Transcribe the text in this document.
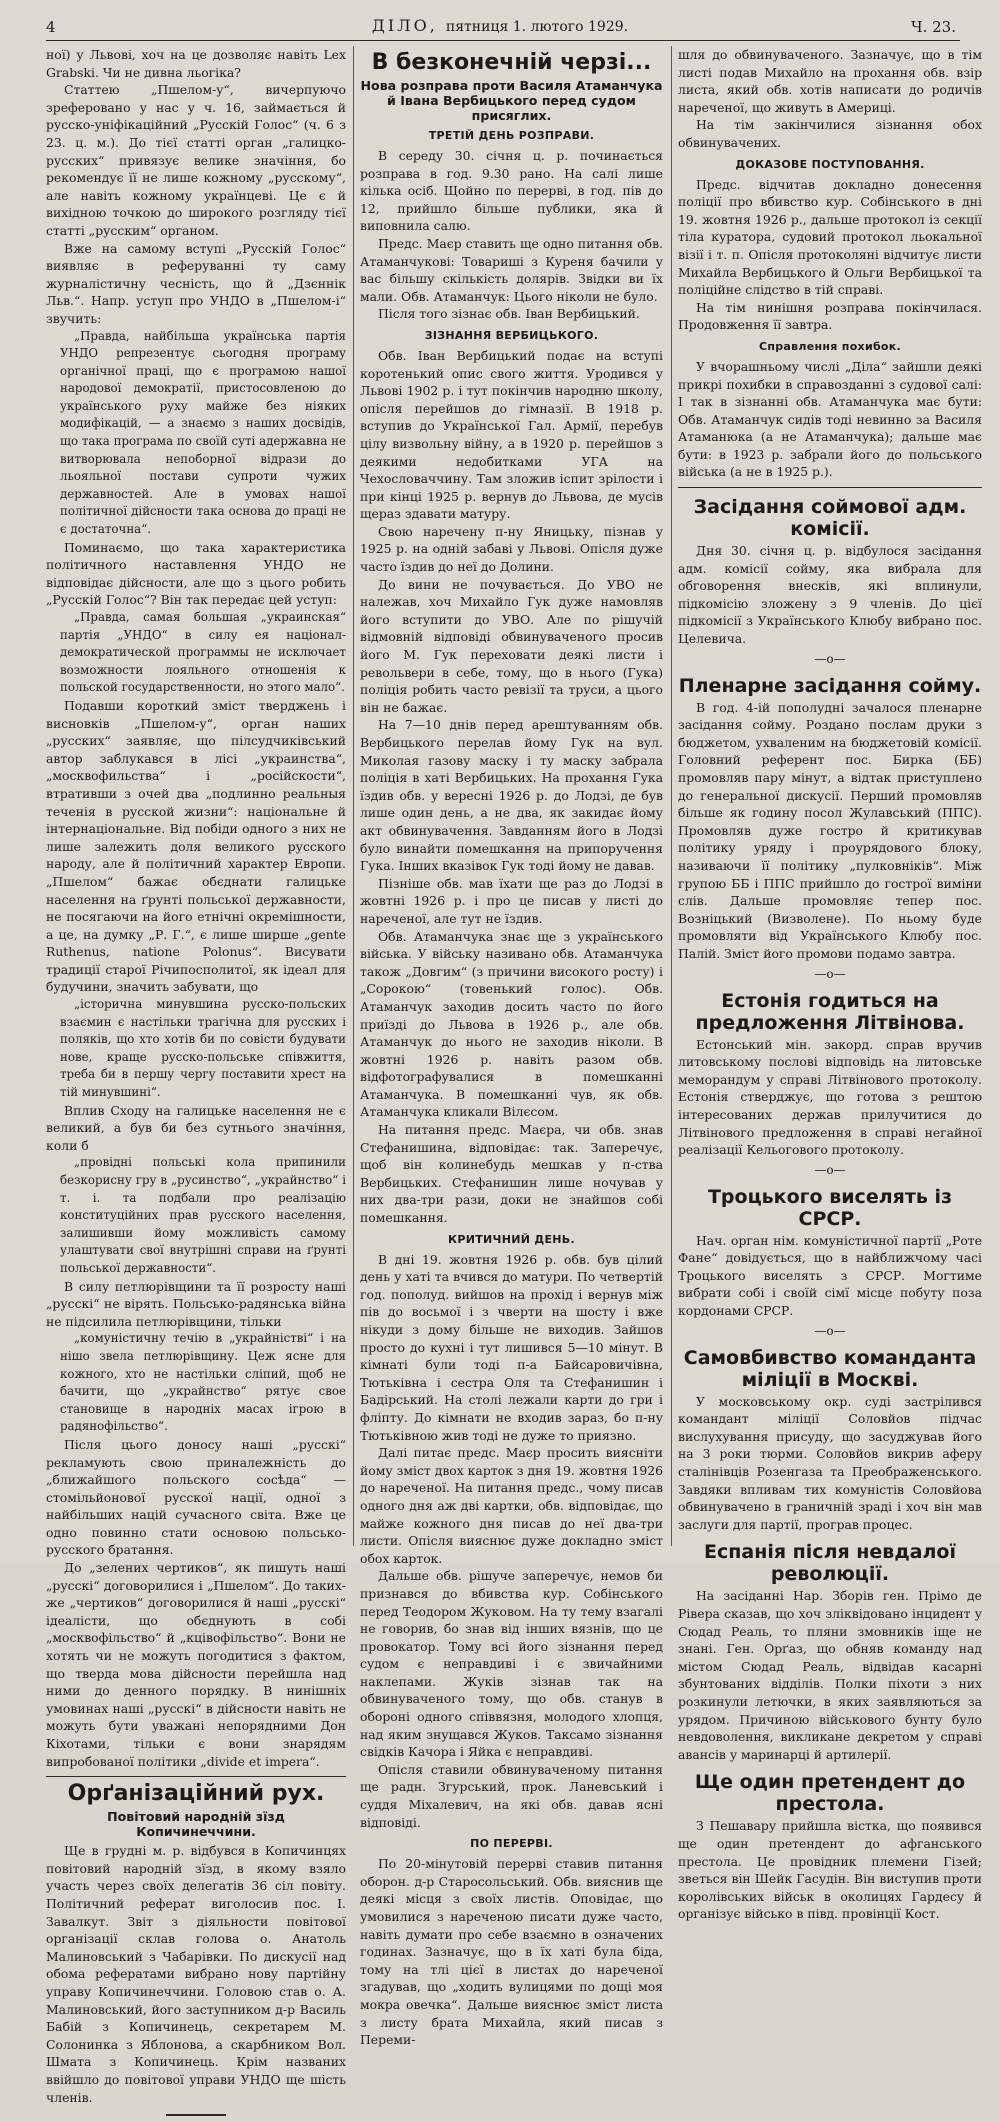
4	ДІЛО, пятниця 1. лютого 1929.	Ч. 23.

ної) у Львові, хоч на це дозволяє навіть Lex Grabski. Чи не дивна льогіка?

Статтею „Пшелом-у“, вичерпуючо зреферовано у нас у ч. 16, займається й русско-уніфікаційний „Русскій Голос“ (ч. 6 з 23. ц. м.). До тієї статті орган „галицко-русских“ привязує велике значіння, бо рекомендує її не лише кожному „русскому“, але навіть кожному українцеві. Це є й вихідною точкою до широкого розгляду тієї статті „русским“ органом.

Вже на самому вступі „Русскій Голос“ виявляє в реферуванні ту саму журналістичну чесність, що й „Дзєннік Льв.“. Напр. уступ про УНДО в „Пшелом-і“ звучить:

„Правда, найбільша українська партія УНДО репрезентує сьогодня програму органічної праці, що є програмою нашої народової демократії, пристосовленою до українського руху майже без ніяких модифікацій, — а знаємо з наших досвідів, що така програма по своїй суті адержавна не витворювала непоборної відрази до льояльної постави супроти чужих державностей. Але в умовах нашої політичної дійсности така основа до праці не є достаточна“.

Поминаємо, що така характеристика політичного наставлення УНДО не відповідає дійсности, але що з цього робить „Русскій Голос“? Він так передає цей уступ:

„Правда, самая большая „украинская“ партія „УНДО“ в силу ея націонал-демократической программы не исключает возможности лояльного отношенія к польской государственности, но этого мало“.

Подавши короткий зміст тверджень і висновків „Пшелом-у“, орган наших „русских“ заявляє, що пілсудчиківський автор заблукався в лісі „украинства“, „москвофильства“ і „російскости“, втративши з очей два „подлинно реальныя теченія в русской жизни“: національне й інтернаціональне. Від побіди одного з них не лише залежить доля великого русского народу, але й політичний характер Европи. „Пшелом“ бажає обєднати галицьке населення на ґрунті польської державности, не посягаючи на його етнічні окремішности, а це, на думку „Р. Г.“, є лише ширше „gente Ruthenus, natione Polonus“. Висувати традиції старої Річипосполитої, як ідеал для будучини, значить забувати, що

„історична минувшина русско-польских взаємин є настільки трагічна для русских і поляків, що хто хотів би по совісти будувати нове, краще русско-польське співжиття, треба би в першу чергу поставити хрест на тій минувшині“.

Вплив Сходу на галицьке населення не є великий, а був би без сутнього значіння, коли б

„провідні польські кола припинили безкорисну гру в „русинство“, „украйнство“ і т. і. та подбали про реалізацію конституційних прав русского населення, залишивши йому можливість самому улаштувати свої внутрішні справи на ґрунті польської державности“.

В силу петлюрівщини та її розросту наші „русскі“ не вірять. Польсько-радянська війна не підсилила петлюрівщини, тільки

„комуністичну течію в „украйністві“ і на нішо звела петлюрівщину. Цеж ясне для кожного, хто не настільки сліпий, щоб не бачити, що „украйнство“ рятує свое становище в народніх масах ігрою в радянофільство“.

Після цього доносу наші „русскі“ рекламують свою приналежність до „ближайшого польского сосѣда“ — стомільйонової русскої нації, одної з найбільших націй сучасного світа. Вже це одно повинно стати основою польсько-русского братання.

До „зелених чертиков“, як пишуть наші „русскі“ договорилися і „Пшелом“. До таких-же „чертиков“ договорилися й наші „русскі“ ідеалісти, що обєднують в собі „москвофільство“ й „кцівофільство“. Вони не хотять чи не можуть погодитися з фактом, що тверда мова дійсности перейшла над ними до денного порядку. В нинішніх умовинах наші „русскі“ в дійсности навіть не можуть бути уважані непорядними Дон Кіхотами, тільки є вони знарядям випробованої політики „divide et impera“.

Орґанізаційний рух.
Повітовий народній зїзд Копичинеччини.

Ще в грудні м. р. відбувся в Копичинцях повітовий народній зїзд, в якому взяло участь через своїх делегатів 36 сіл повіту. Політичний реферат виголосив пос. І. Завалкут. Звіт з діяльности повітової організації склав голова о. Анатоль Малиновський з Чабарівки. По дискусії над обома рефератами вибрано нову партійну управу Копичинеччини. Головою став о. А. Малиновський, його заступником д-р Василь Бабій з Копичинець, секретарем М. Солонинка з Яблонова, а скарбником Вол. Шмата з Копичинець. Крім названих ввійшло до повітової управи УНДО ще шість членів.

В безконечній черзі...
Нова розправа проти Василя Атаманчука й Івана Вербицького перед судом присяглих.
ТРЕТІЙ ДЕНЬ РОЗПРАВИ.

В середу 30. січня ц. р. починається розправа в год. 9.30 рано. На салі лише кілька осіб. Щойно по перерві, в год. пів до 12, прийшло більше публики, яка й виповнила салю.

Предс. Маєр ставить ще одно питання обв. Атаманчукові: Товариші з Куреня бачили у вас більшу скількість долярів. Звідки ви їх мали. Обв. Атаманчук: Цього ніколи не було.

Після того зізнає обв. Іван Вербицький.

ЗІЗНАННЯ ВЕРБИЦЬКОГО.

Обв. Іван Вербицький подає на вступі коротенький опис свого життя. Уродився у Львові 1902 р. і тут покінчив народню школу, опісля перейшов до гімназії. В 1918 р. вступив до Української Гал. Армії, перебув цілу визвольну війну, а в 1920 р. перейшов з деякими недобитками УГА на Чехословаччину. Там зложив іспит зрілости і при кінці 1925 р. вернув до Львова, де мусів щераз здавати матуру.

Свою наречену п-ну Яницьку, пізнав у 1925 р. на одній забаві у Львові. Опісля дуже часто їздив до неї до Долини.

До вини не почувається. До УВО не належав, хоч Михайло Гук дуже намовляв його вступити до УВО. Але по рішучій відмовній відповіді обвинуваченого просив його М. Гук переховати деякі листи і револьвери в себе, тому, що в нього (Гука) поліція робить часто ревізії та труси, а цього він не бажає.

На 7—10 днів перед арештуванням обв. Вербицького перелав йому Гук на вул. Миколая газову маску і ту маску забрала поліція в хаті Вербицьких. На прохання Гука їздив обв. у вересні 1926 р. до Лодзі, де був лише один день, а не два, як закидає йому акт обвинувачення. Завданням його в Лодзі було винайти помешкання на припоручення Гука. Інших вказівок Гук тоді йому не давав.

Пізніше обв. мав їхати ще раз до Лодзі в жовтні 1926 р. і про це писав у листі до нареченої, але тут не їздив.

Обв. Атаманчука знає ще з українського війська. У війську називано обв. Атаманчука також „Довгим“ (з причини високого росту) і „Сорокою“ (товенький голос). Обв. Атаманчук заходив досить часто по його приїзді до Львова в 1926 р., але обв. Атаманчук до нього не заходив ніколи. В жовтні 1926 р. навіть разом обв. відфотографувалися в помешканні Атаманчука. В помешканні чув, як обв. Атаманчука кликали Вілєсом.

На питання предс. Маєра, чи обв. знав Стефанишина, відповідає: так. Заперечує, щоб він колинебудь мешкав у п-ства Вербицьких. Стефанишин лише ночував у них два-три рази, доки не знайшов собі помешкання.

КРИТИЧНИЙ ДЕНЬ.

В дні 19. жовтня 1926 р. обв. був цілий день у хаті та вчився до матури. По четвертій год. пополуд. вийшов на прохід і вернув між пів до восьмої і з чверти на шосту і вже нікуди з дому більше не виходив. Зайшов просто до кухні і тут лишився 5—10 мінут. В кімнаті були тоді п-а Байсаровичівна, Тютьківна і сестра Оля та Стефанишин і Бадірський. На столі лежали карти до гри і фліпту. До кімнати не входив зараз, бо п-ну Тютьківною жив тоді не дуже то приязно.

Далі питає предс. Маєр просить виясніти йому зміст двох карток з дня 19. жовтня 1926 до нареченої. На питання предс., чому писав одного дня аж дві картки, обв. відповідає, що майже кожного дня писав до неї два-три листи. Опісля вияснює дуже докладно зміст обох карток.

Дальше обв. рішуче заперечує, немов би признався до вбивства кур. Собінського перед Теодором Жуковом. На ту тему взагалі не говорив, бо знав від інших вязнів, що це провокатор. Тому всі його зізнання перед судом є неправдиві і є звичайними наклепами. Жуків зізнав так на обвинуваченого тому, що обв. станув в обороні одного співвязня, молодого хлопця, над яким знущався Жуков. Таксамо зізнання свідків Качора і Яйка є неправдиві.

Опісля ставили обвинуваченому питання ще радн. Згурський, прок. Ланевський і суддя Міхалевич, на які обв. давав ясні відповіді.

ПО ПЕРЕРВІ.

По 20-мінутовій перерві ставив питання оборон. д-р Старосольський. Обв. вияснив ще деякі місця з своїх листів. Оповідає, що умовилися з нареченою писати дуже часто, навіть думати про себе взаємно в означених годинах. Зазначує, що в їх хаті була біда, тому на тлі цієї в листах до нареченої згадував, що „ходить вулицями по дощі моя мокра овечка“. Дальше вияснює зміст листа з листу брата Михайла, який писав з Переми-

шля до обвинуваченого. Зазначує, що в тім листі подав Михайло на прохання обв. взір листа, який обв. хотів написати до родичів нареченої, що живуть в Америці.

На тім закінчилися зізнання обох обвинувачених.

ДОКАЗОВЕ ПОСТУПОВАННЯ.

Предс. відчитав докладно донесення поліції про вбивство кур. Собінського в дні 19. жовтня 1926 р., дальше протокол із секції тіла куратора, судовий протокол льокальної візії і т. п. Опісля протоколяні відчитує листи Михайла Вербицького й Ольги Вербицької та поліційне слідство в тій справі.

На тім нинішня розправа покінчилася. Продовження її завтра.

Справлення похибок.

У вчорашньому числі „Діла“ зайшли деякі прикрі похибки в справозданні з судової салі: І так в зізнанні обв. Атаманчука має бути: Обв. Атаманчук сидів тоді невинно за Василя Атаманюка (а не Атаманчука); дальше має бути: в 1923 р. забрали його до польського війська (а не в 1925 р.).

Засідання соймової адм. комісії.

Дня 30. січня ц. р. відбулося засідання адм. комісії сойму, яка вибрала для обговорення внесків, які вплинули, підкомісію зложену з 9 членів. До цієї підкомісії з Українського Клюбу вибрано пос. Целевича.

—о—
Пленарне засідання сойму.

В год. 4-ій пополудні зачалося пленарне засідання сойму. Роздано послам друки з бюджетом, ухваленим на бюджетовій комісії. Головний референт пос. Бирка (ББ) промовляв пару мінут, а відтак приступлено до генеральної дискусії. Перший промовляв більше як годину посол Жулавський (ППС). Промовляв дуже гостро й критикував політику уряду і проурядового блоку, називаючи її політику „пулковніків“. Між групою ББ і ППС прийшло до гострої виміни слів. Дальше промовляє тепер пос. Возніцький (Визволене). По ньому буде промовляти від Українського Клюбу пос. Палій. Зміст його промови подамо завтра.

—о—
Естонія годиться на предложення Літвінова.

Естонський мін. закорд. справ вручив литовському послові відповідь на литовське меморандум у справі Літвінового протоколу. Естонія стверджує, що готова з рештою інтересованих держав прилучитися до Літвінового предложення в справі негайної реалізації Кельогового протоколу.

—о—
Троцького виселять із СРСР.

Нач. орган нім. комуністичної партії „Роте Фане“ довідується, що в найближчому часі Троцького виселять з СРСР. Могтиме вибрати собі і своїй сімї місце побуту поза кордонами СРСР.

—о—
Самовбивство команданта міліції в Москві.

У московському окр. суді застрілився командант міліції Соловйов підчас вислухування присуду, що засуджував його на 3 роки тюрми. Соловйов викрив аферу сталінівців Розенгаза та Преображенського. Завдяки впливам тих комуністів Соловйова обвинувачено в граничній зраді і хоч він мав заслуги для партії, програв процес.

Еспанія після невдалої революції.

На засіданні Нар. Зборів ген. Прімо де Рівера сказав, що хоч зліквідовано інцидент у Сюдад Реаль, то пляни змовників іще не знані. Ген. Орґаз, що обняв команду над містом Сюдад Реаль, відвідав касарні збунтованих відділів. Полки піхоти з них розкинули летючки, в яких заявляються за урядом. Причиною військового бунту було невдоволення, викликане декретом у справі авансів у маринарці й артилерії.

Ще один претендент до престола.

З Пешавару прийшла вістка, що появився ще один претендент до афганського престола. Це провідник племени Гізей; зветься він Шейк Гасудін. Він виступив проти королівських військ в околицях Гардесу й організує військо в півд. провінції Кост.
